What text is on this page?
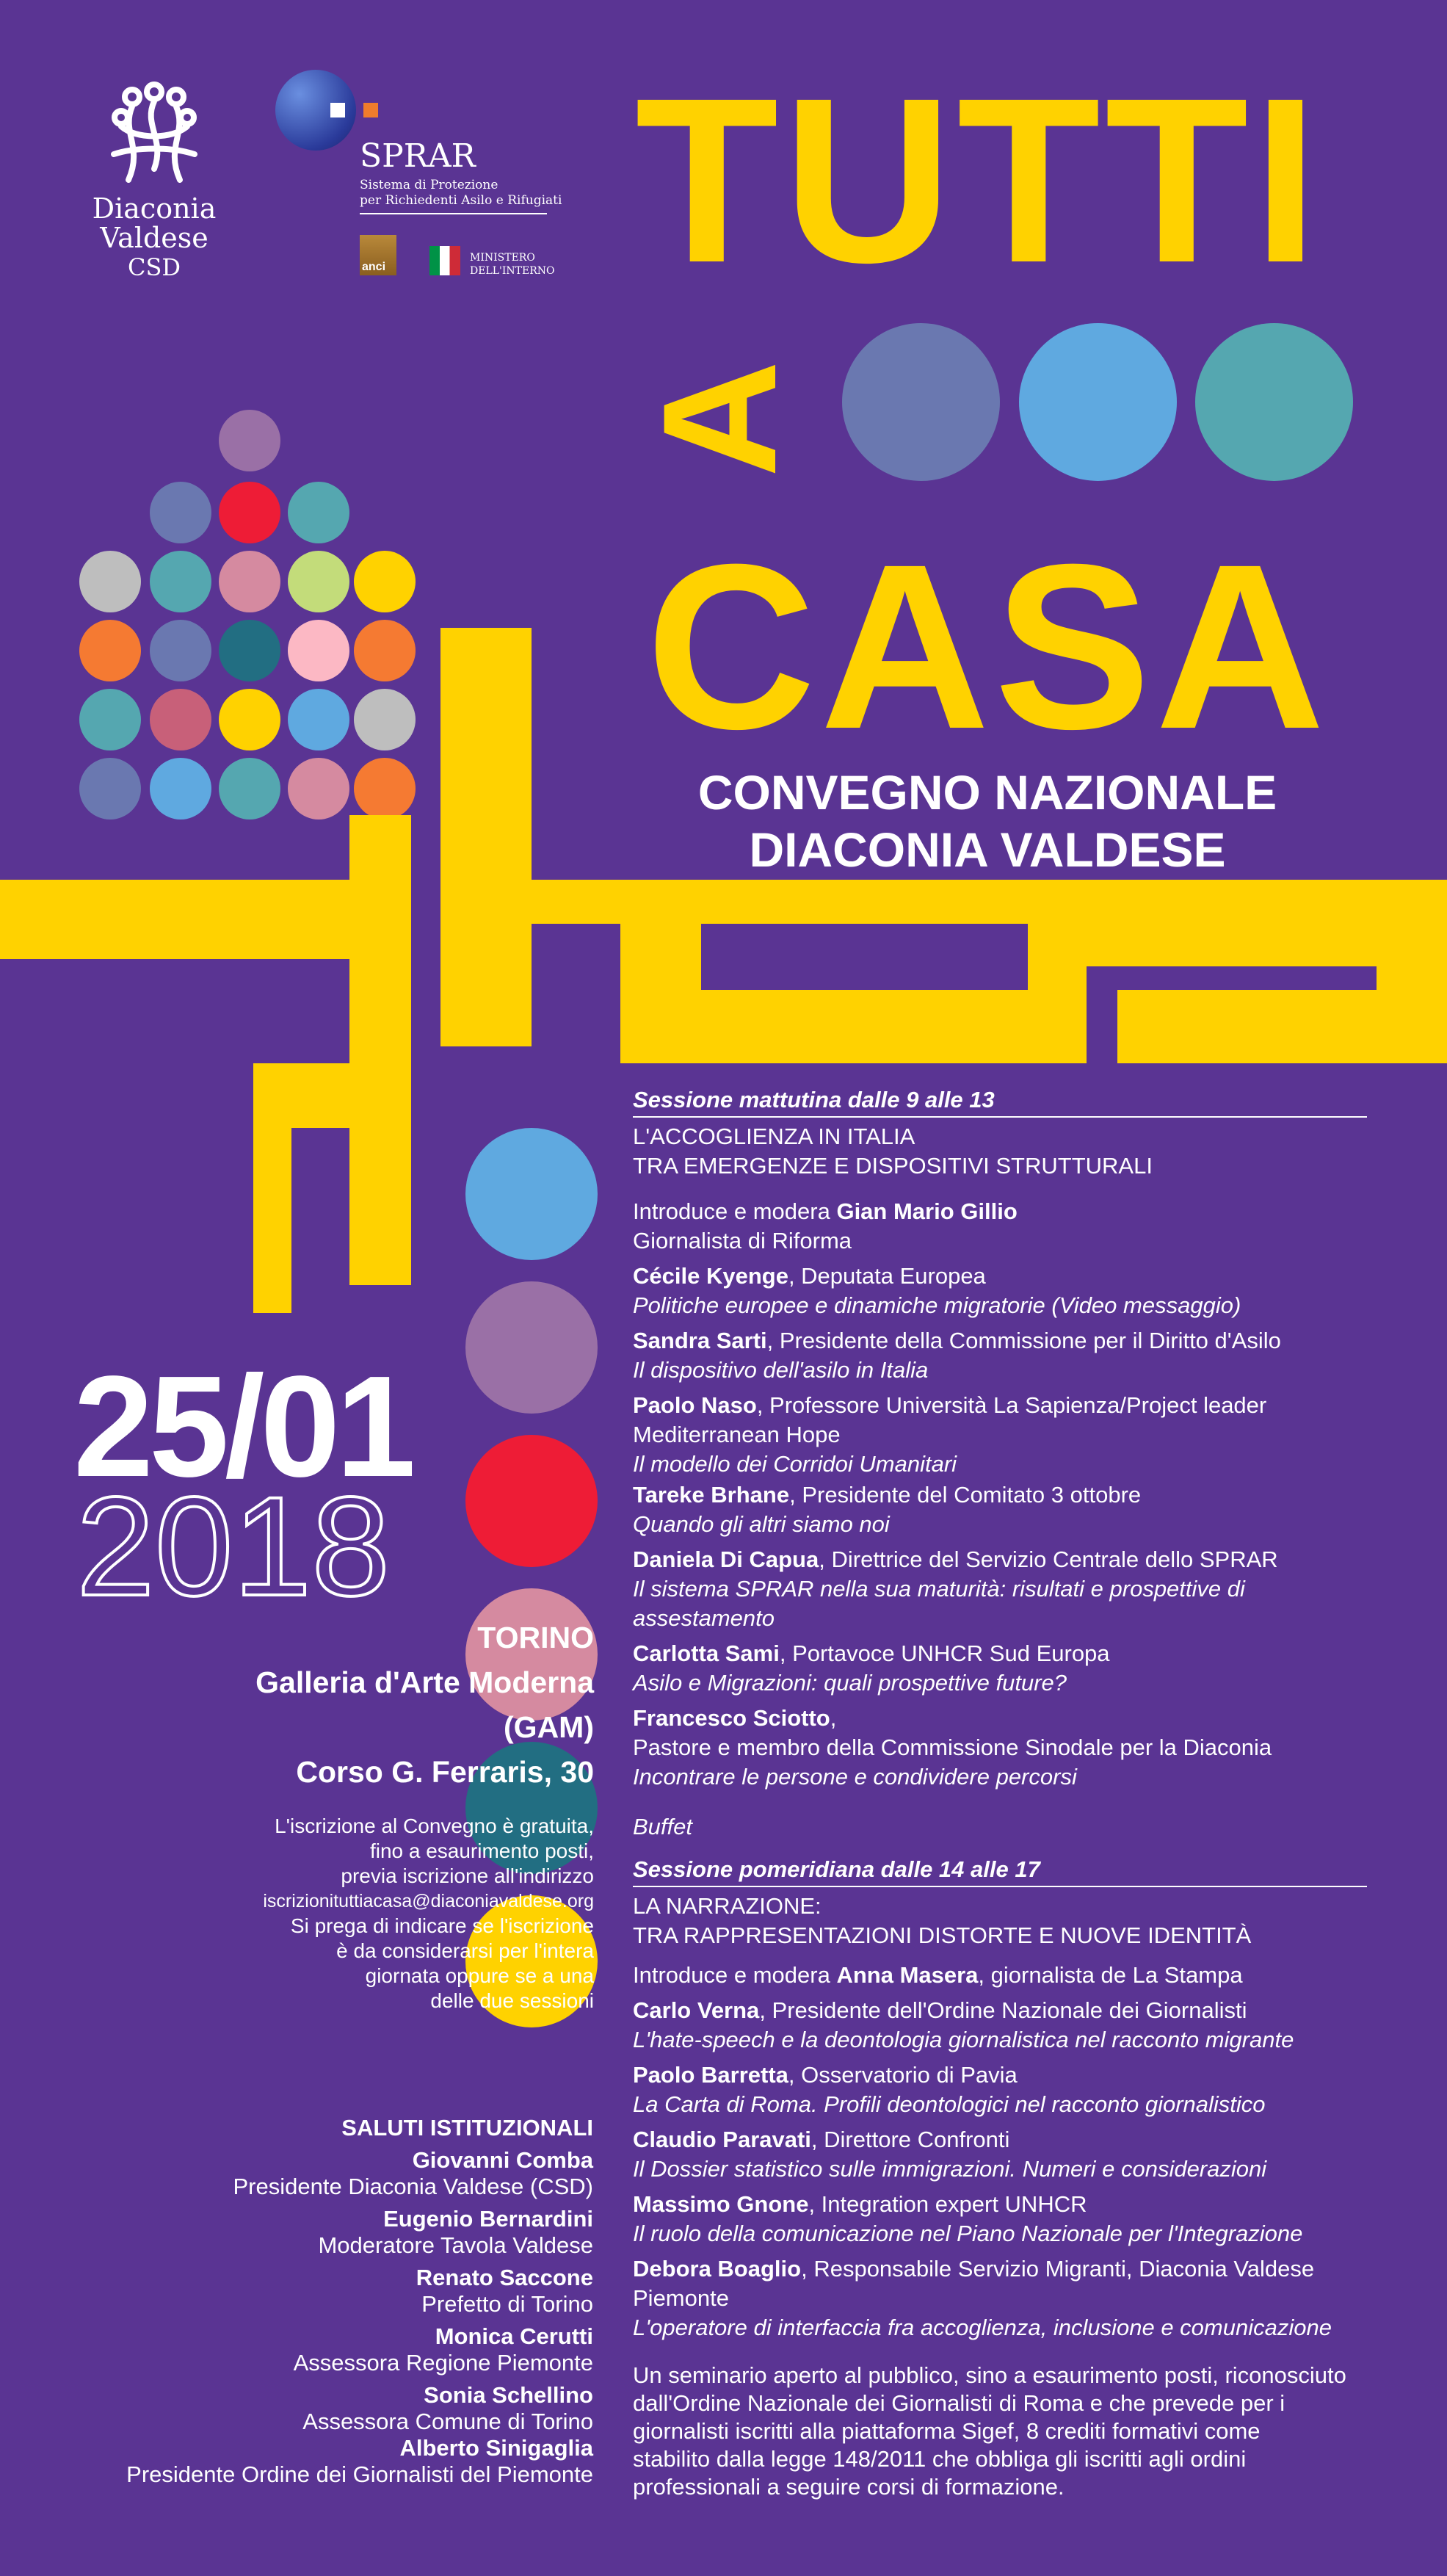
Diaconia
Valdese
CSD
SPRAR
Sistema di Protezione
per Richiedenti Asilo e Rifugiati
anci
MINISTERO
DELL'INTERNO TUTTI
A
CASA
CONVEGNO NAZIONALE
DIACONIA VALDESE
25/01
2018
TORINO
Galleria d'Arte Moderna
(GAM)
Corso G. Ferraris, 30
L'iscrizione al Convegno è gratuita,
fino a esaurimento posti,
previa iscrizione all'indirizzo
iscrizionituttiacasa@diaconiavaldese.org
Si prega di indicare se l'iscrizione
è da considerarsi per l'intera
giornata oppure se a una
delle due sessioni
SALUTI ISTITUZIONALI
Giovanni Comba
Presidente Diaconia Valdese (CSD)
Eugenio Bernardini
Moderatore Tavola Valdese
Renato Saccone
Prefetto di Torino
Monica Cerutti
Assessora Regione Piemonte
Sonia Schellino
Assessora Comune di Torino
Alberto Sinigaglia
Presidente Ordine dei Giornalisti del Piemonte
Sessione mattutina dalle 9 alle 13
L'ACCOGLIENZA IN ITALIA
TRA EMERGENZE E DISPOSITIVI STRUTTURALI
Introduce e modera Gian Mario Gillio
Giornalista di Riforma
Cécile Kyenge, Deputata Europea
Politiche europee e dinamiche migratorie (Video messaggio)
Sandra Sarti, Presidente della Commissione per il Diritto d'Asilo
Il dispositivo dell'asilo in Italia
Paolo Naso, Professore Università La Sapienza/Project leader
Mediterranean Hope
Il modello dei Corridoi Umanitari
Tareke Brhane, Presidente del Comitato 3 ottobre
Quando gli altri siamo noi
Daniela Di Capua, Direttrice del Servizio Centrale dello SPRAR
Il sistema SPRAR nella sua maturità: risultati e prospettive di
assestamento
Carlotta Sami, Portavoce UNHCR Sud Europa
Asilo e Migrazioni: quali prospettive future?
Francesco Sciotto,
Pastore e membro della Commissione Sinodale per la Diaconia
Incontrare le persone e condividere percorsi
Buffet
Sessione pomeridiana dalle 14 alle 17
LA NARRAZIONE:
TRA RAPPRESENTAZIONI DISTORTE E NUOVE IDENTITÀ
Introduce e modera Anna Masera, giornalista de La Stampa
Carlo Verna, Presidente dell'Ordine Nazionale dei Giornalisti
L'hate-speech e la deontologia giornalistica nel racconto migrante
Paolo Barretta, Osservatorio di Pavia
La Carta di Roma. Profili deontologici nel racconto giornalistico
Claudio Paravati, Direttore Confronti
Il Dossier statistico sulle immigrazioni. Numeri e considerazioni
Massimo Gnone, Integration expert UNHCR
Il ruolo della comunicazione nel Piano Nazionale per l'Integrazione
Debora Boaglio, Responsabile Servizio Migranti, Diaconia Valdese
Piemonte
L'operatore di interfaccia fra accoglienza, inclusione e comunicazione
Un seminario aperto al pubblico, sino a esaurimento posti, riconosciuto
dall'Ordine Nazionale dei Giornalisti di Roma e che prevede per i
giornalisti iscritti alla piattaforma Sigef, 8 crediti formativi come
stabilito dalla legge 148/2011 che obbliga gli iscritti agli ordini
professionali a seguire corsi di formazione.
